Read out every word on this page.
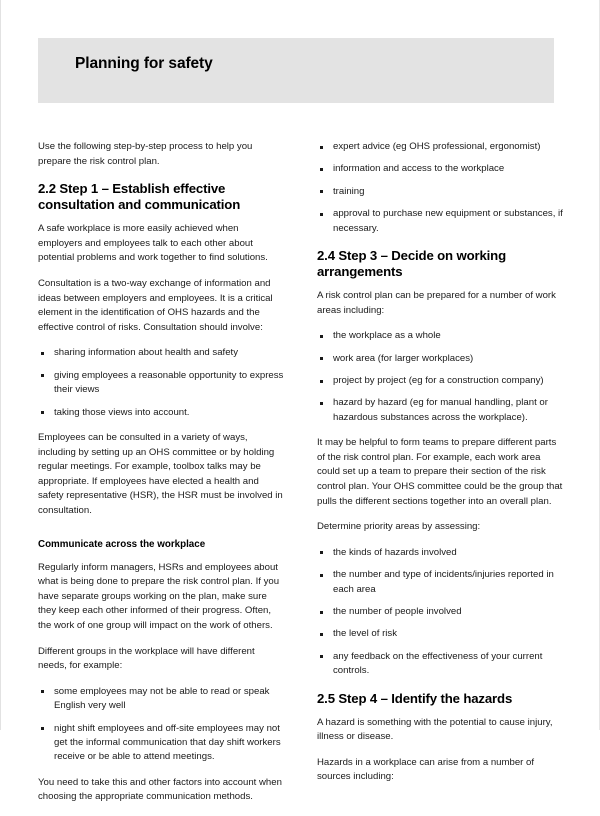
Planning for safety

Use the following step-by-step process to help you prepare the risk control plan.

2.2 Step 1 – Establish effective consultation and communication

A safe workplace is more easily achieved when employers and employees talk to each other about potential problems and work together to find solutions.

Consultation is a two-way exchange of information and ideas between employers and employees. It is a critical element in the identification of OHS hazards and the effective control of risks. Consultation should involve:

sharing information about health and safety
giving employees a reasonable opportunity to express their views
taking those views into account.

Employees can be consulted in a variety of ways, including by setting up an OHS committee or by holding regular meetings. For example, toolbox talks may be appropriate. If employees have elected a health and safety representative (HSR), the HSR must be involved in consultation.

Communicate across the workplace

Regularly inform managers, HSRs and employees about what is being done to prepare the risk control plan. If you have separate groups working on the plan, make sure they keep each other informed of their progress. Often, the work of one group will impact on the work of others.

Different groups in the workplace will have different needs, for example:

some employees may not be able to read or speak English very well
night shift employees and off-site employees may not get the informal communication that day shift workers receive or be able to attend meetings.

You need to take this and other factors into account when choosing the appropriate communication methods.

expert advice (eg OHS professional, ergonomist)
information and access to the workplace
training
approval to purchase new equipment or substances, if necessary.
2.4 Step 3 – Decide on working arrangements

A risk control plan can be prepared for a number of work areas including:

the workplace as a whole
work area (for larger workplaces)
project by project (eg for a construction company)
hazard by hazard (eg for manual handling, plant or hazardous substances across the workplace).

It may be helpful to form teams to prepare different parts of the risk control plan. For example, each work area could set up a team to prepare their section of the risk control plan. Your OHS committee could be the group that pulls the different sections together into an overall plan.

Determine priority areas by assessing:

the kinds of hazards involved
the number and type of incidents/injuries reported in each area
the number of people involved
the level of risk
any feedback on the effectiveness of your current controls.
2.5 Step 4 – Identify the hazards

A hazard is something with the potential to cause injury, illness or disease.

Hazards in a workplace can arise from a number of sources including:
